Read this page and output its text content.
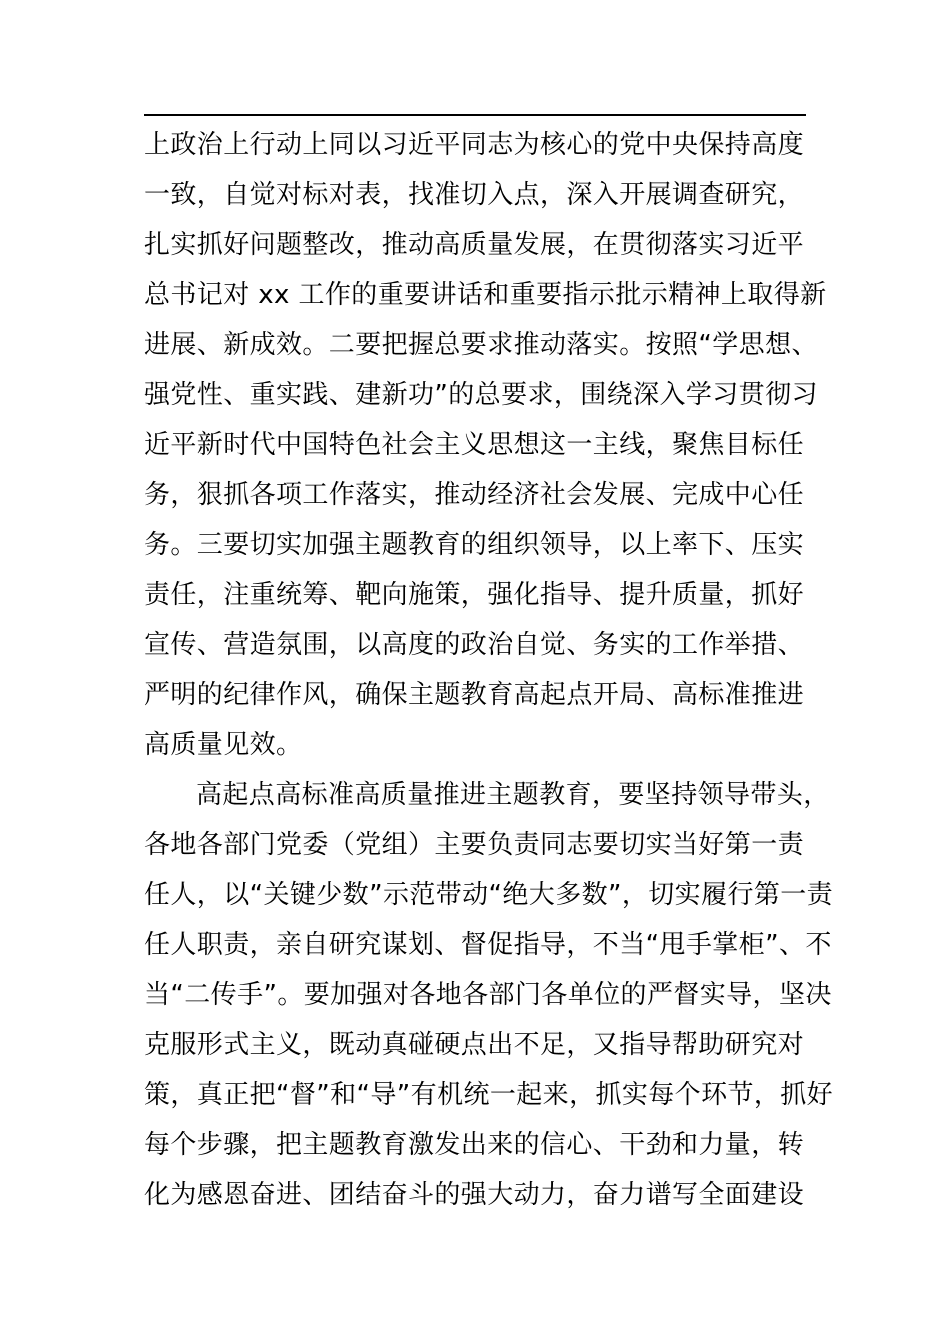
上政治上行动上同以习近平同志为核心的党中央保持高度
一致，自觉对标对表，找准切入点，深入开展调查研究，
扎实抓好问题整改，推动高质量发展，在贯彻落实习近平
总书记对 xx 工作的重要讲话和重要指示批示精神上取得新
进展、新成效。二要把握总要求推动落实。按照“学思想、
强党性、重实践、建新功”的总要求，围绕深入学习贯彻习
近平新时代中国特色社会主义思想这一主线，聚焦目标任
务，狠抓各项工作落实，推动经济社会发展、完成中心任
务。三要切实加强主题教育的组织领导，以上率下、压实
责任，注重统筹、靶向施策，强化指导、提升质量，抓好
宣传、营造氛围，以高度的政治自觉、务实的工作举措、
严明的纪律作风，确保主题教育高起点开局、高标准推进
高质量见效。
高起点高标准高质量推进主题教育，要坚持领导带头，
各地各部门党委（党组）主要负责同志要切实当好第一责
任人，以“关键少数”示范带动“绝大多数”，切实履行第一责
任人职责，亲自研究谋划、督促指导，不当“甩手掌柜”、不
当“二传手”。要加强对各地各部门各单位的严督实导，坚决
克服形式主义，既动真碰硬点出不足，又指导帮助研究对
策，真正把“督”和“导”有机统一起来，抓实每个环节，抓好
每个步骤，把主题教育激发出来的信心、干劲和力量，转
化为感恩奋进、团结奋斗的强大动力，奋力谱写全面建设
